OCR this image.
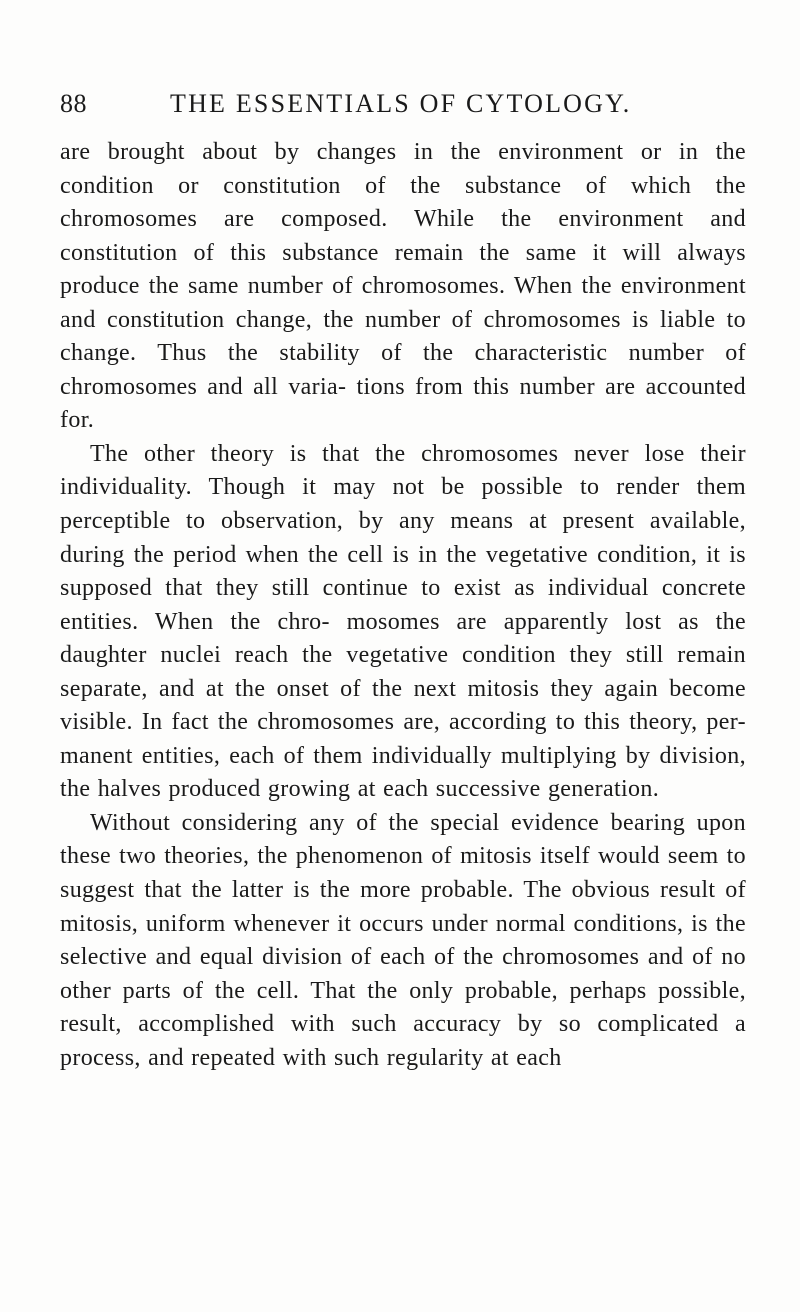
88	THE ESSENTIALS OF CYTOLOGY.

are brought about by changes in the environment or in the condition or constitution of the substance of which the chromosomes are composed. While the environment and constitution of this substance remain the same it will always produce the same number of chromosomes. When the environment and constitution change, the number of chromosomes is liable to change. Thus the stability of the characteristic number of chromosomes and all varia- tions from this number are accounted for.

The other theory is that the chromosomes never lose their individuality. Though it may not be possible to render them perceptible to observation, by any means at present available, during the period when the cell is in the vegetative condition, it is supposed that they still continue to exist as individual concrete entities. When the chro- mosomes are apparently lost as the daughter nuclei reach the vegetative condition they still remain separate, and at the onset of the next mitosis they again become visible. In fact the chromosomes are, according to this theory, per- manent entities, each of them individually multiplying by division, the halves produced growing at each successive generation.

Without considering any of the special evidence bearing upon these two theories, the phenomenon of mitosis itself would seem to suggest that the latter is the more probable. The obvious result of mitosis, uniform whenever it occurs under normal conditions, is the selective and equal division of each of the chromosomes and of no other parts of the cell. That the only probable, perhaps possible, result, accomplished with such accuracy by so complicated a process, and repeated with such regularity at each
